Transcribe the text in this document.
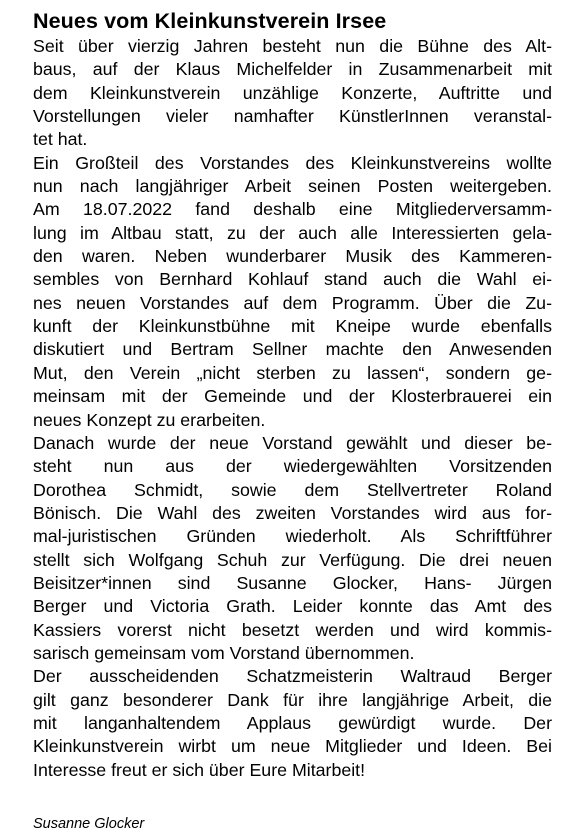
Neues vom Kleinkunstverein Irsee

Seit über vierzig Jahren besteht nun die Bühne des Alt-
baus, auf der Klaus Michelfelder in Zusammenarbeit mit
dem Kleinkunstverein unzählige Konzerte, Auftritte und
Vorstellungen vieler namhafter KünstlerInnen veranstal-
tet hat.

Ein Großteil des Vorstandes des Kleinkunstvereins wollte
nun nach langjähriger Arbeit seinen Posten weitergeben.
Am 18.07.2022 fand deshalb eine Mitgliederversamm-
lung im Altbau statt, zu der auch alle Interessierten gela-
den waren. Neben wunderbarer Musik des Kammeren-
sembles von Bernhard Kohlauf stand auch die Wahl ei-
nes neuen Vorstandes auf dem Programm. Über die Zu-
kunft der Kleinkunstbühne mit Kneipe wurde ebenfalls
diskutiert und Bertram Sellner machte den Anwesenden
Mut, den Verein „nicht sterben zu lassen“, sondern ge-
meinsam mit der Gemeinde und der Klosterbrauerei ein
neues Konzept zu erarbeiten.

Danach wurde der neue Vorstand gewählt und dieser be-
steht nun aus der wiedergewählten Vorsitzenden
Dorothea Schmidt, sowie dem Stellvertreter Roland
Bönisch. Die Wahl des zweiten Vorstandes wird aus for-
mal-juristischen Gründen wiederholt. Als Schriftführer
stellt sich Wolfgang Schuh zur Verfügung. Die drei neuen
Beisitzer*innen sind Susanne Glocker, Hans- Jürgen
Berger und Victoria Grath. Leider konnte das Amt des
Kassiers vorerst nicht besetzt werden und wird kommis-
sarisch gemeinsam vom Vorstand übernommen.

Der ausscheidenden Schatzmeisterin Waltraud Berger
gilt ganz besonderer Dank für ihre langjährige Arbeit, die
mit langanhaltendem Applaus gewürdigt wurde. Der
Kleinkunstverein wirbt um neue Mitglieder und Ideen. Bei
Interesse freut er sich über Eure Mitarbeit!

Susanne Glocker
